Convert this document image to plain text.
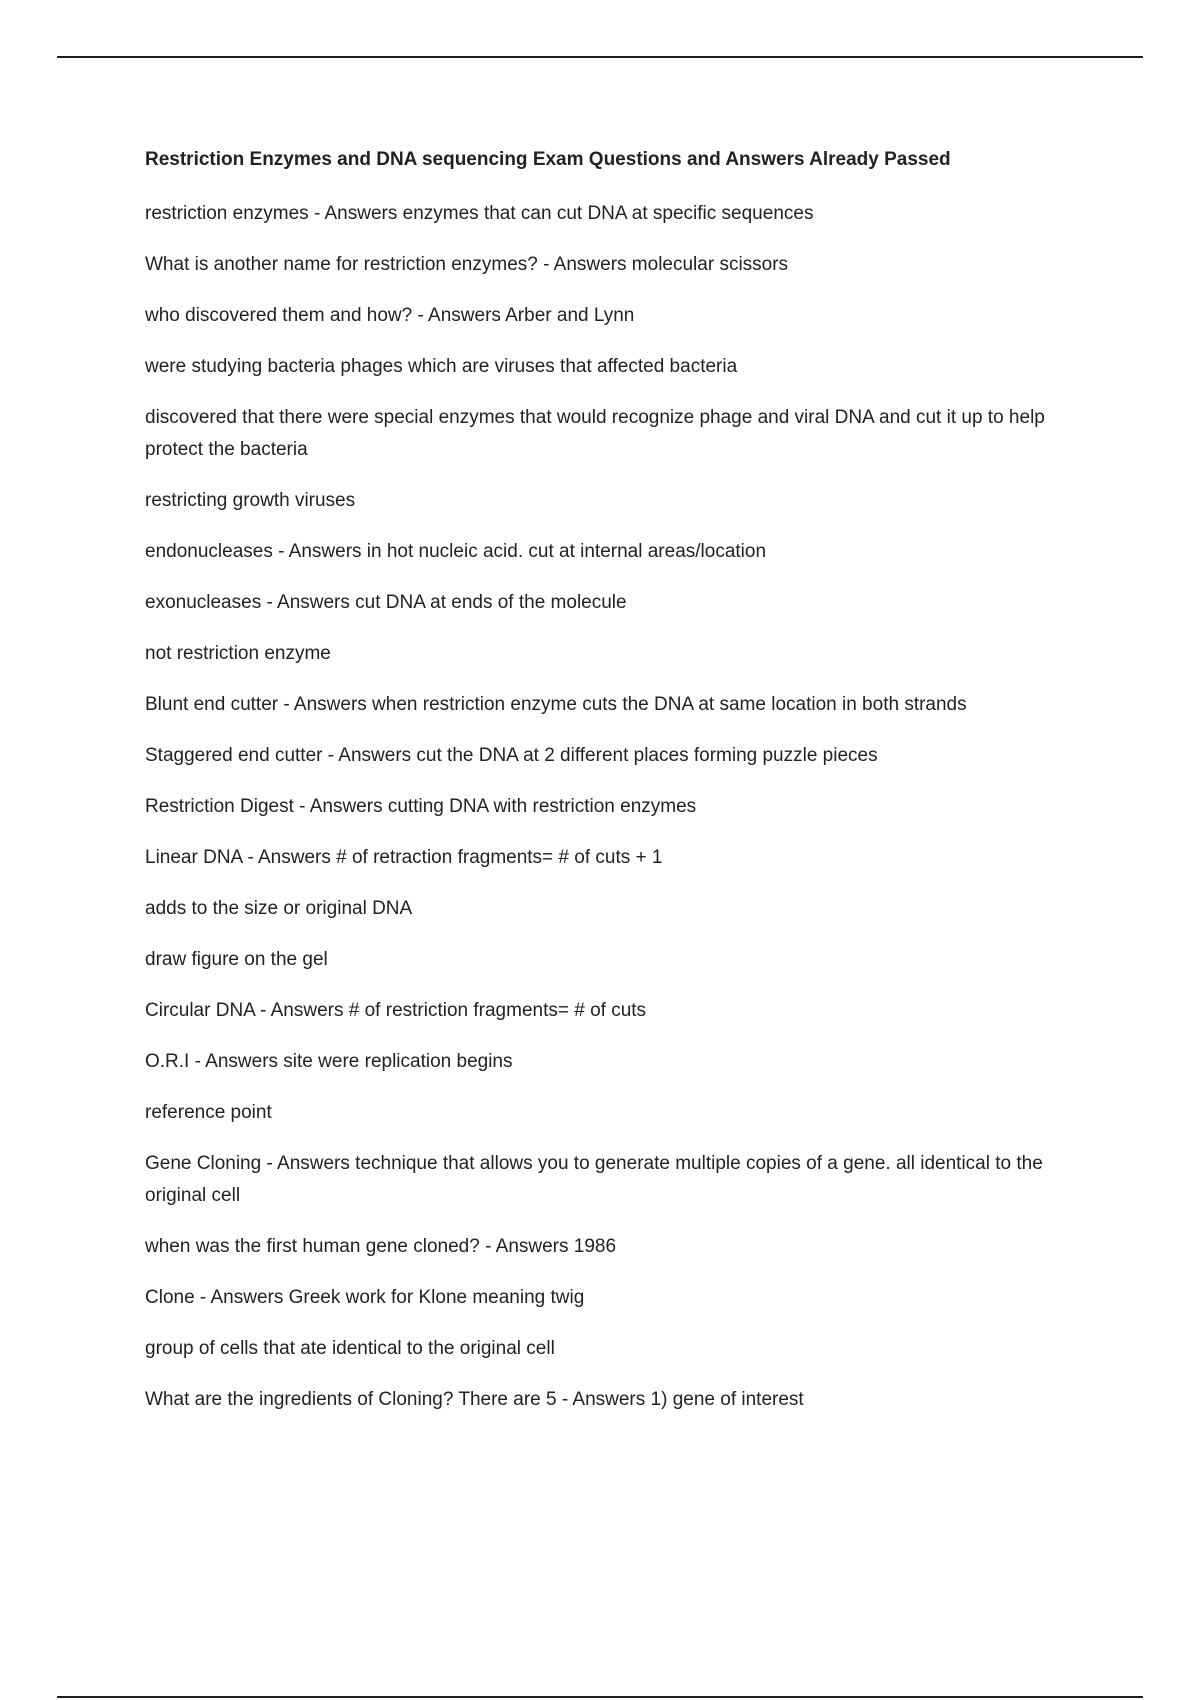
Restriction Enzymes and DNA sequencing Exam Questions and Answers Already Passed

restriction enzymes - Answers enzymes that can cut DNA at specific sequences

What is another name for restriction enzymes? - Answers molecular scissors

who discovered them and how? - Answers Arber and Lynn

were studying bacteria phages which are viruses that affected bacteria

discovered that there were special enzymes that would recognize phage and viral DNA and cut it up to help protect the bacteria

restricting growth viruses

endonucleases - Answers in hot nucleic acid. cut at internal areas/location

exonucleases - Answers cut DNA at ends of the molecule

not restriction enzyme

Blunt end cutter - Answers when restriction enzyme cuts the DNA at same location in both strands

Staggered end cutter - Answers cut the DNA at 2 different places forming puzzle pieces

Restriction Digest - Answers cutting DNA with restriction enzymes

Linear DNA - Answers # of retraction fragments= # of cuts + 1

adds to the size or original DNA

draw figure on the gel

Circular DNA - Answers # of restriction fragments= # of cuts

O.R.I - Answers site were replication begins

reference point

Gene Cloning - Answers technique that allows you to generate multiple copies of a gene. all identical to the original cell

when was the first human gene cloned? - Answers 1986

Clone - Answers Greek work for Klone meaning twig

group of cells that ate identical to the original cell

What are the ingredients of Cloning? There are 5 - Answers 1) gene of interest
